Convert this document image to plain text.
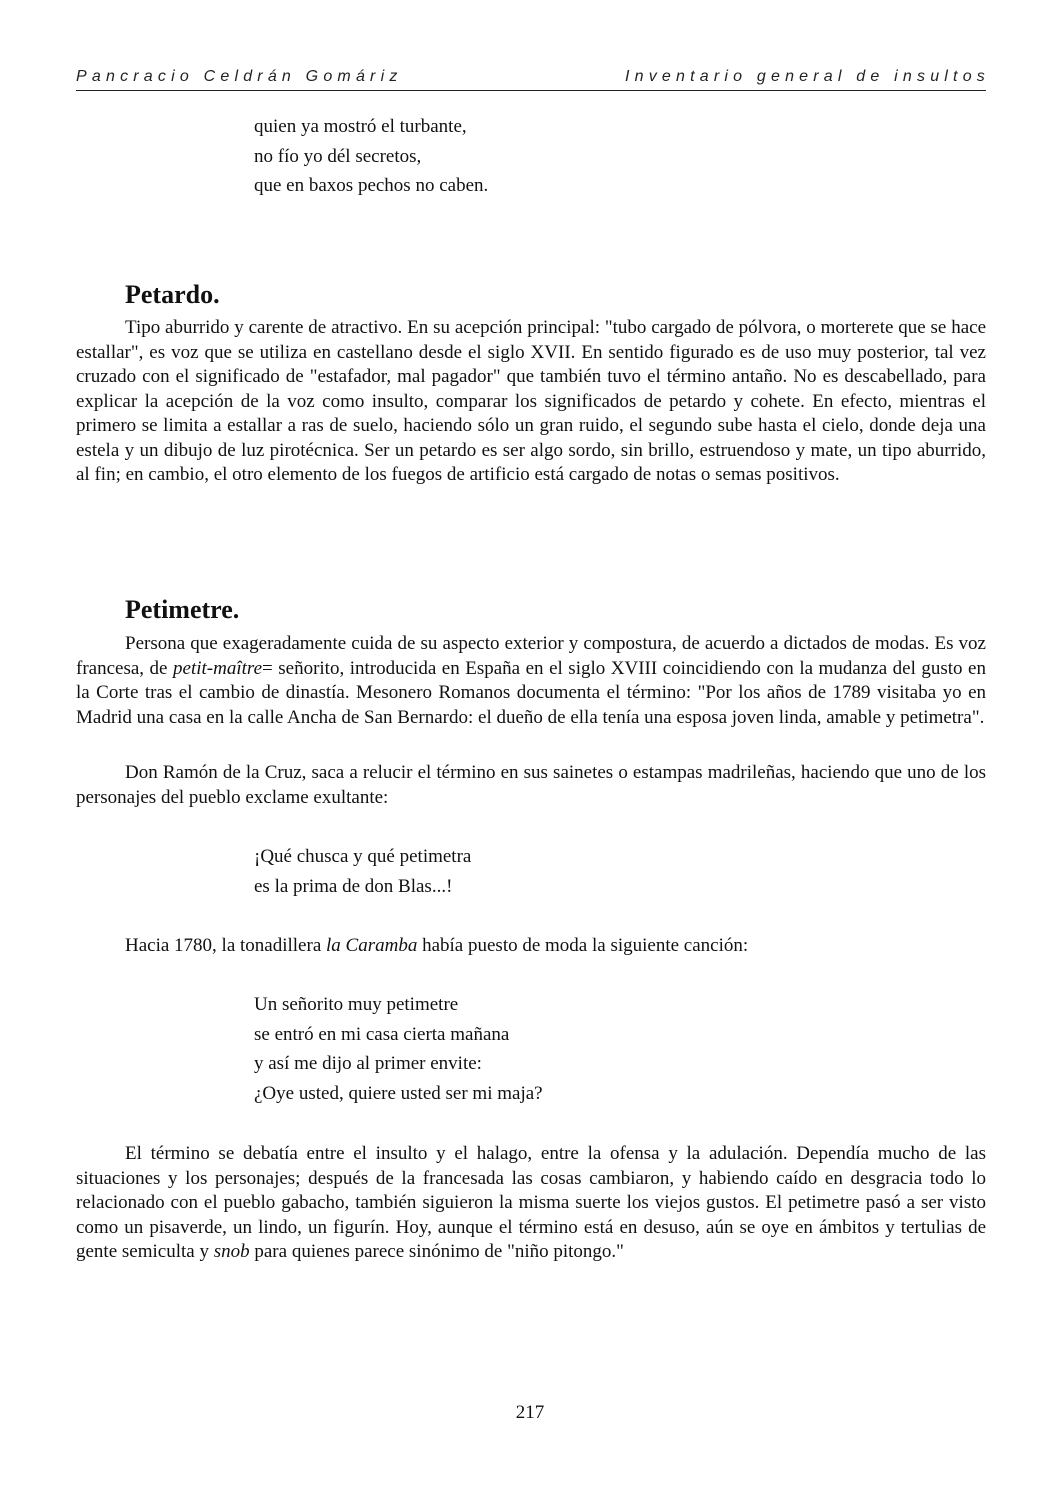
Pancracio Celdrán Gomáriz	Inventario general de insultos
quien ya mostró el turbante,
no fío yo dél secretos,
que en baxos pechos no caben.
Petardo.
Tipo aburrido y carente de atractivo. En su acepción principal: "tubo cargado de pólvora, o morterete que se hace estallar", es voz que se utiliza en castellano desde el siglo XVII. En sentido figurado es de uso muy posterior, tal vez cruzado con el significado de "estafador, mal pagador" que también tuvo el término antaño. No es descabellado, para explicar la acepción de la voz como insulto, comparar los significados de petardo y cohete. En efecto, mientras el primero se limita a estallar a ras de suelo, haciendo sólo un gran ruido, el segundo sube hasta el cielo, donde deja una estela y un dibujo de luz pirotécnica. Ser un petardo es ser algo sordo, sin brillo, estruendoso y mate, un tipo aburrido, al fin; en cambio, el otro elemento de los fuegos de artificio está cargado de notas o semas positivos.
Petimetre.
Persona que exageradamente cuida de su aspecto exterior y compostura, de acuerdo a dictados de modas. Es voz francesa, de petit-maître= señorito, introducida en España en el siglo XVIII coincidiendo con la mudanza del gusto en la Corte tras el cambio de dinastía. Mesonero Romanos documenta el término: "Por los años de 1789 visitaba yo en Madrid una casa en la calle Ancha de San Bernardo: el dueño de ella tenía una esposa joven linda, amable y petimetra".
Don Ramón de la Cruz, saca a relucir el término en sus sainetes o estampas madrileñas, haciendo que uno de los personajes del pueblo exclame exultante:
¡Qué chusca y qué petimetra
es la prima de don Blas...!
Hacia 1780, la tonadillera la Caramba había puesto de moda la siguiente canción:
Un señorito muy petimetre
se entró en mi casa cierta mañana
y así me dijo al primer envite:
¿Oye usted, quiere usted ser mi maja?
El término se debatía entre el insulto y el halago, entre la ofensa y la adulación. Dependía mucho de las situaciones y los personajes; después de la francesada las cosas cambiaron, y habiendo caído en desgracia todo lo relacionado con el pueblo gabacho, también siguieron la misma suerte los viejos gustos. El petimetre pasó a ser visto como un pisaverde, un lindo, un figurín. Hoy, aunque el término está en desuso, aún se oye en ámbitos y tertulias de gente semiculta y snob para quienes parece sinónimo de "niño pitongo."
217
